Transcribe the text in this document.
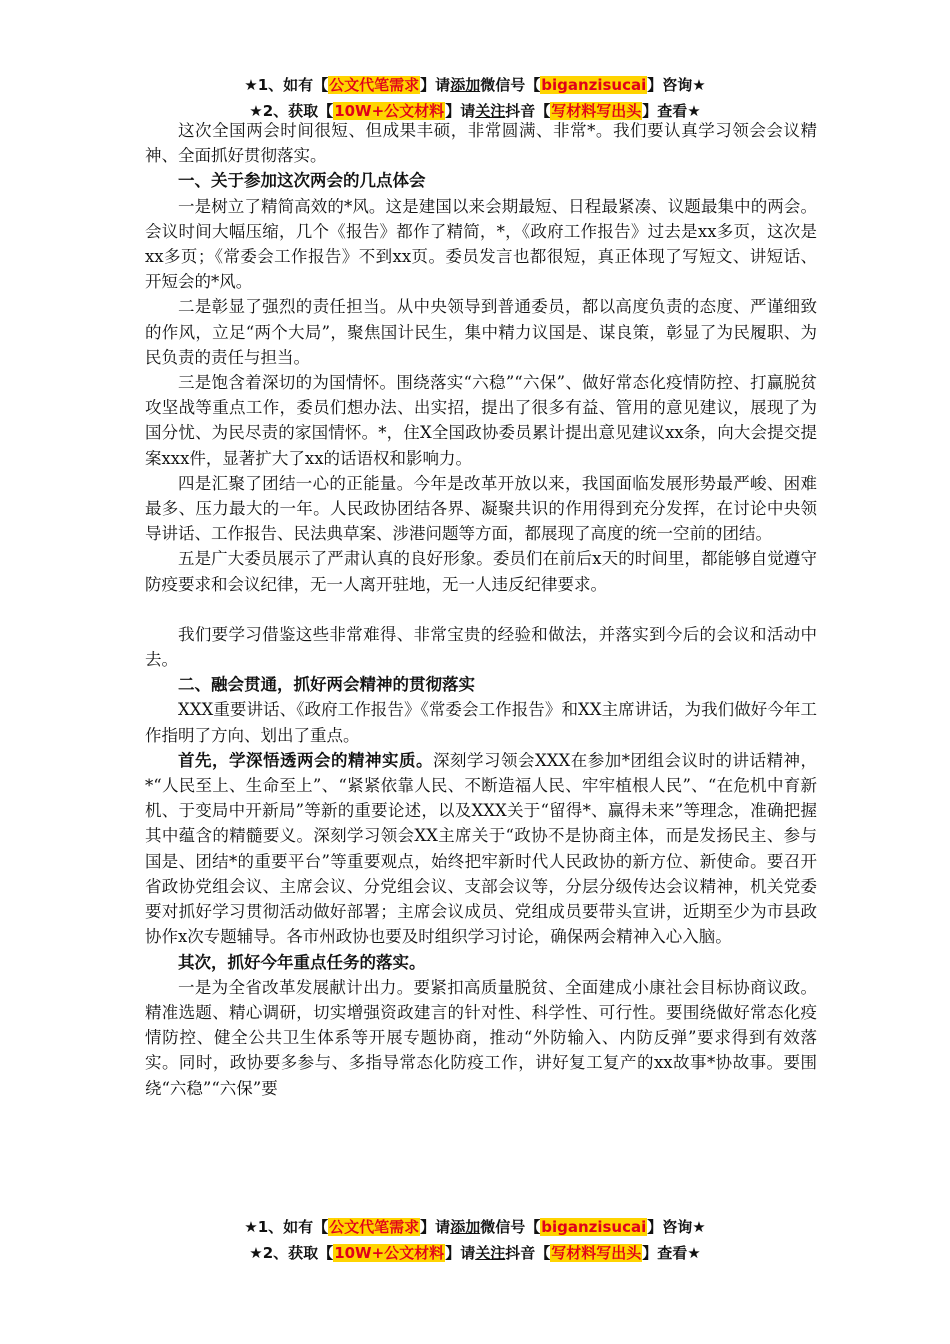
★1、如有【公文代笔需求】请添加微信号【biganzisucai】咨询★
★2、获取【10W+公文材料】请关注抖音【写材料写出头】查看★

这次全国两会时间很短、但成果丰硕，非常圆满、非常*。我们要认真学习领会会议精神、全面抓好贯彻落实。

一、关于参加这次两会的几点体会

一是树立了精简高效的*风。这是建国以来会期最短、日程最紧凑、议题最集中的两会。会议时间大幅压缩，几个《报告》都作了精简，*，《政府工作报告》过去是xx多页，这次是xx多页；《常委会工作报告》不到xx页。委员发言也都很短，真正体现了写短文、讲短话、开短会的*风。

二是彰显了强烈的责任担当。从中央领导到普通委员，都以高度负责的态度、严谨细致的作风，立足“两个大局”，聚焦国计民生，集中精力议国是、谋良策，彰显了为民履职、为民负责的责任与担当。

三是饱含着深切的为国情怀。围绕落实“六稳”“六保”、做好常态化疫情防控、打赢脱贫攻坚战等重点工作，委员们想办法、出实招，提出了很多有益、管用的意见建议，展现了为国分忧、为民尽责的家国情怀。*，住X全国政协委员累计提出意见建议xx条，向大会提交提案xxx件，显著扩大了xx的话语权和影响力。

四是汇聚了团结一心的正能量。今年是改革开放以来，我国面临发展形势最严峻、困难最多、压力最大的一年。人民政协团结各界、凝聚共识的作用得到充分发挥，在讨论中央领导讲话、工作报告、民法典草案、涉港问题等方面，都展现了高度的统一空前的团结。

五是广大委员展示了严肃认真的良好形象。委员们在前后x天的时间里，都能够自觉遵守防疫要求和会议纪律，无一人离开驻地，无一人违反纪律要求。

我们要学习借鉴这些非常难得、非常宝贵的经验和做法，并落实到今后的会议和活动中去。

二、融会贯通，抓好两会精神的贯彻落实

XXX重要讲话、《政府工作报告》《常委会工作报告》和XX主席讲话，为我们做好今年工作指明了方向、划出了重点。

首先，学深悟透两会的精神实质。深刻学习领会XXX在参加*团组会议时的讲话精神，*“人民至上、生命至上”、“紧紧依靠人民、不断造福人民、牢牢植根人民”、“在危机中育新机、于变局中开新局”等新的重要论述，以及XXX关于“留得*、赢得未来”等理念，准确把握其中蕴含的精髓要义。深刻学习领会XX主席关于“政协不是协商主体，而是发扬民主、参与国是、团结*的重要平台”等重要观点，始终把牢新时代人民政协的新方位、新使命。要召开省政协党组会议、主席会议、分党组会议、支部会议等，分层分级传达会议精神，机关党委要对抓好学习贯彻活动做好部署；主席会议成员、党组成员要带头宣讲，近期至少为市县政协作x次专题辅导。各市州政协也要及时组织学习讨论，确保两会精神入心入脑。

其次，抓好今年重点任务的落实。

一是为全省改革发展献计出力。要紧扣高质量脱贫、全面建成小康社会目标协商议政。精准选题、精心调研，切实增强资政建言的针对性、科学性、可行性。要围绕做好常态化疫情防控、健全公共卫生体系等开展专题协商，推动“外防输入、内防反弹”要求得到有效落实。同时，政协要多参与、多指导常态化防疫工作，讲好复工复产的xx故事*协故事。要围绕“六稳”“六保”要

★1、如有【公文代笔需求】请添加微信号【biganzisucai】咨询★
★2、获取【10W+公文材料】请关注抖音【写材料写出头】查看★
